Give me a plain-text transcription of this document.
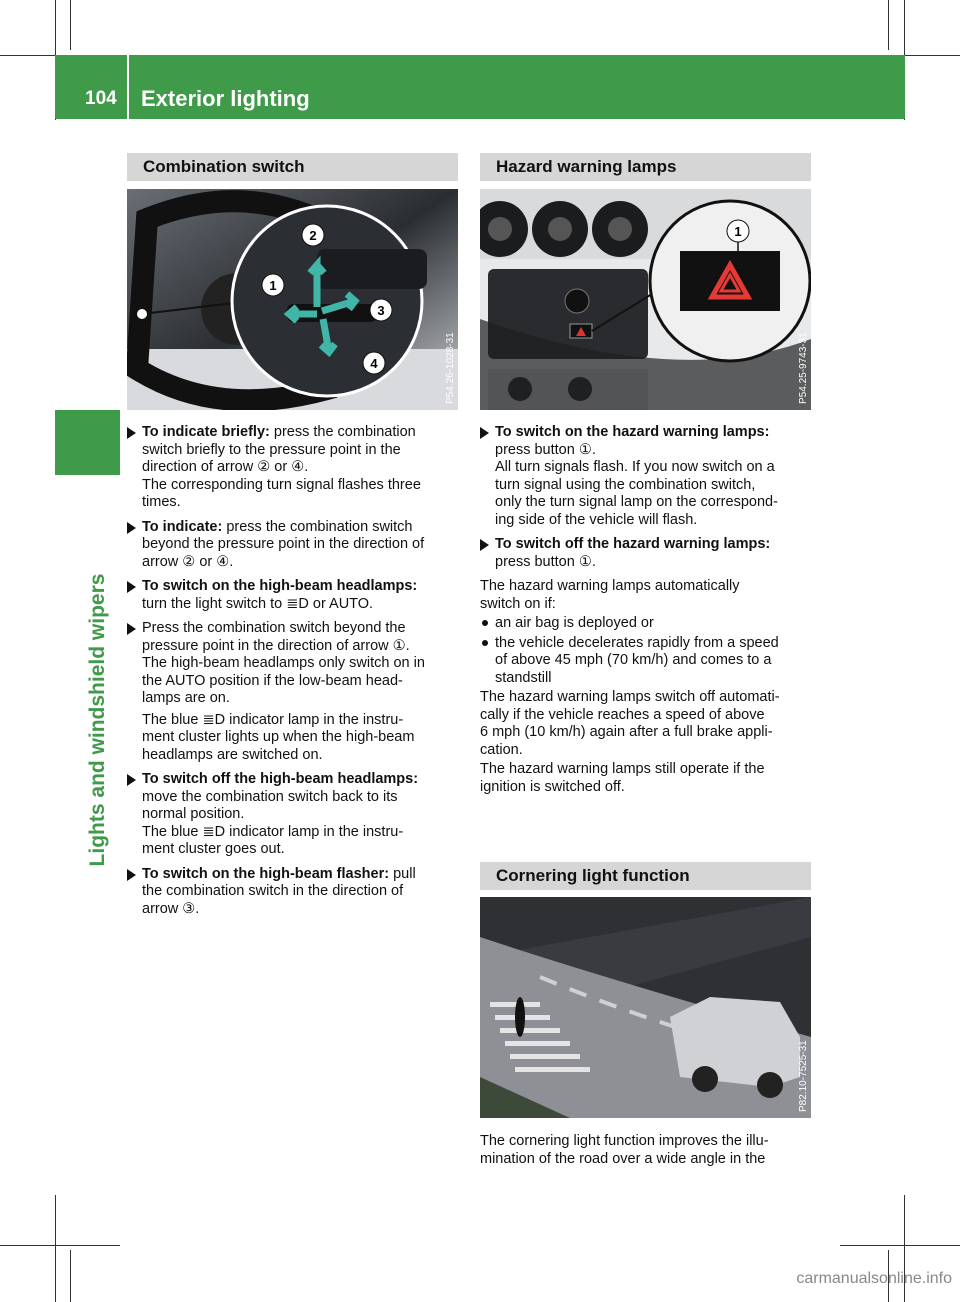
104 Exterior lighting
Lights and windshield wipers
Combination switch
1
2
3
4	P54.26-1028-31
To indicate briefly: press the combination
switch briefly to the pressure point in the
direction of arrow ② or ④.
The corresponding turn signal flashes three
times.
To indicate: press the combination switch
beyond the pressure point in the direction of
arrow ② or ④.
To switch on the high-beam headlamps:
turn the light switch to ≣D or AUTO.
Press the combination switch beyond the
pressure point in the direction of arrow ①.
The high-beam headlamps only switch on in
the AUTO position if the low-beam head-
lamps are on.

The blue ≣D indicator lamp in the instru-
ment cluster lights up when the high-beam
headlamps are switched on.
To switch off the high-beam headlamps:
move the combination switch back to its
normal position.
The blue ≣D indicator lamp in the instru-
ment cluster goes out.
To switch on the high-beam flasher: pull
the combination switch in the direction of
arrow ③.
Hazard warning lamps
1
P54.25-9743-31
To switch on the hazard warning lamps:
press button ①.
All turn signals flash. If you now switch on a
turn signal using the combination switch,
only the turn signal lamp on the correspond-
ing side of the vehicle will flash.
To switch off the hazard warning lamps:
press button ①.
The hazard warning lamps automatically
switch on if:
an air bag is deployed or
the vehicle decelerates rapidly from a speed
of above 45 mph (70 km/h) and comes to a
standstill
The hazard warning lamps switch off automati-
cally if the vehicle reaches a speed of above
6 mph (10 km/h) again after a full brake appli-
cation.
The hazard warning lamps still operate if the
ignition is switched off.
Cornering light function
P82.10-7525-31
The cornering light function improves the illu-
mination of the road over a wide angle in the
carmanualsonline.info
